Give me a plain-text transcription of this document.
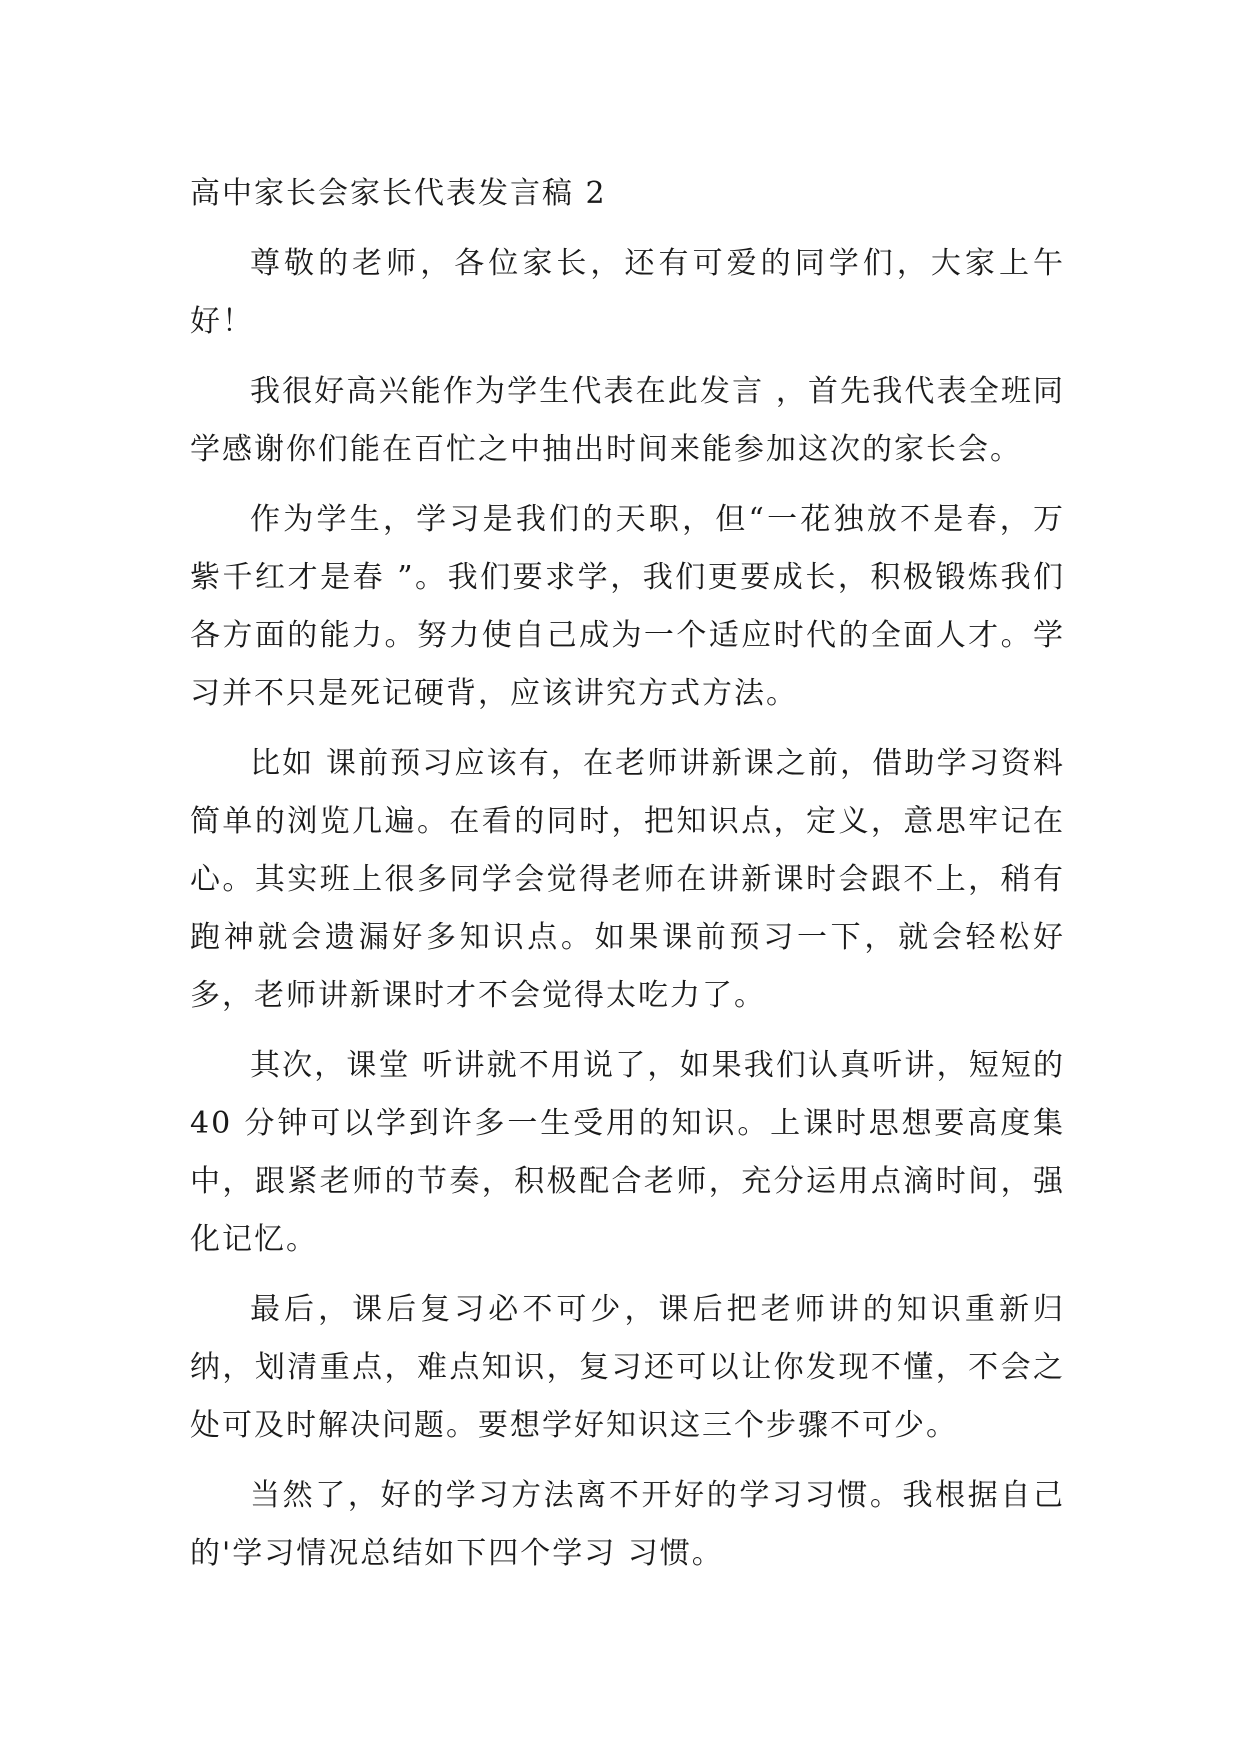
高中家长会家长代表发言稿 2

尊敬的老师，各位家长，还有可爱的同学们，大家上午好！

我很好高兴能作为学生代表在此发言 ，首先我代表全班同学感谢你们能在百忙之中抽出时间来能参加这次的家长会。

作为学生，学习是我们的天职，但“一花独放不是春，万紫千红才是春 ”。我们要求学，我们更要成长，积极锻炼我们各方面的能力。努力使自己成为一个适应时代的全面人才。学习并不只是死记硬背，应该讲究方式方法。

比如 课前预习应该有，在老师讲新课之前，借助学习资料简单的浏览几遍。在看的同时，把知识点，定义，意思牢记在心。其实班上很多同学会觉得老师在讲新课时会跟不上，稍有跑神就会遗漏好多知识点。如果课前预习一下，就会轻松好多，老师讲新课时才不会觉得太吃力了。

其次，课堂 听讲就不用说了，如果我们认真听讲，短短的 40 分钟可以学到许多一生受用的知识。上课时思想要高度集中，跟紧老师的节奏，积极配合老师，充分运用点滴时间，强化记忆。

最后，课后复习必不可少，课后把老师讲的知识重新归纳，划清重点，难点知识，复习还可以让你发现不懂，不会之处可及时解决问题。要想学好知识这三个步骤不可少。

当然了，好的学习方法离不开好的学习习惯。我根据自己的'学习情况总结如下四个学习 习惯。
